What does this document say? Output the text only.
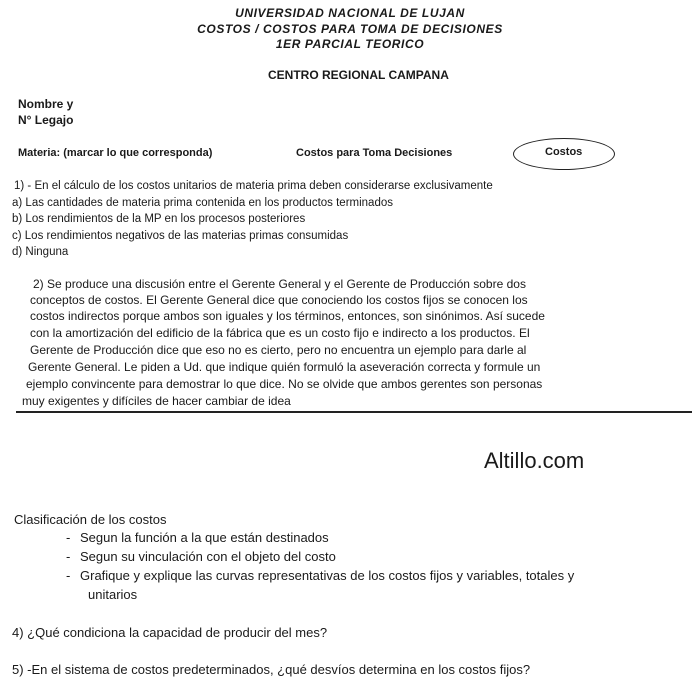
UNIVERSIDAD NACIONAL DE LUJAN
COSTOS / COSTOS PARA TOMA DE DECISIONES
1ER PARCIAL TEORICO
CENTRO REGIONAL CAMPANA
Nombre y
N° Legajo
Materia: (marcar lo que corresponda)	Costos para Toma Decisiones	Costos
1) - En el cálculo de los costos unitarios de materia prima deben considerarse exclusivamente
a) Las cantidades de materia prima contenida en los productos terminados
b) Los rendimientos de la MP en los procesos posteriores
c) Los rendimientos negativos de las materias primas consumidas
d) Ninguna
2) Se produce una discusión entre el Gerente General y el Gerente de Producción sobre dos
conceptos de costos. El Gerente General dice que conociendo los costos fijos se conocen los
costos indirectos porque ambos son iguales y los términos, entonces, son sinónimos. Así sucede
con la amortización del edificio de la fábrica que es un costo fijo e indirecto a los productos. El
Gerente de Producción dice que eso no es cierto, pero no encuentra un ejemplo para darle al
Gerente General. Le piden a Ud. que indique quién formuló la aseveración correcta y formule un
ejemplo convincente para demostrar lo que dice. No se olvide que ambos gerentes son personas
muy exigentes y difíciles de hacer cambiar de idea
Altillo.com
Clasificación de los costos
- Segun la función a la que están destinados
- Segun su vinculación con el objeto del costo
- Grafique y explique las curvas representativas de los costos fijos y variables, totales y
unitarios
4) ¿Qué condiciona la capacidad de producir del mes?
5) -En el sistema de costos predeterminados, ¿qué desvíos determina en los costos fijos?
